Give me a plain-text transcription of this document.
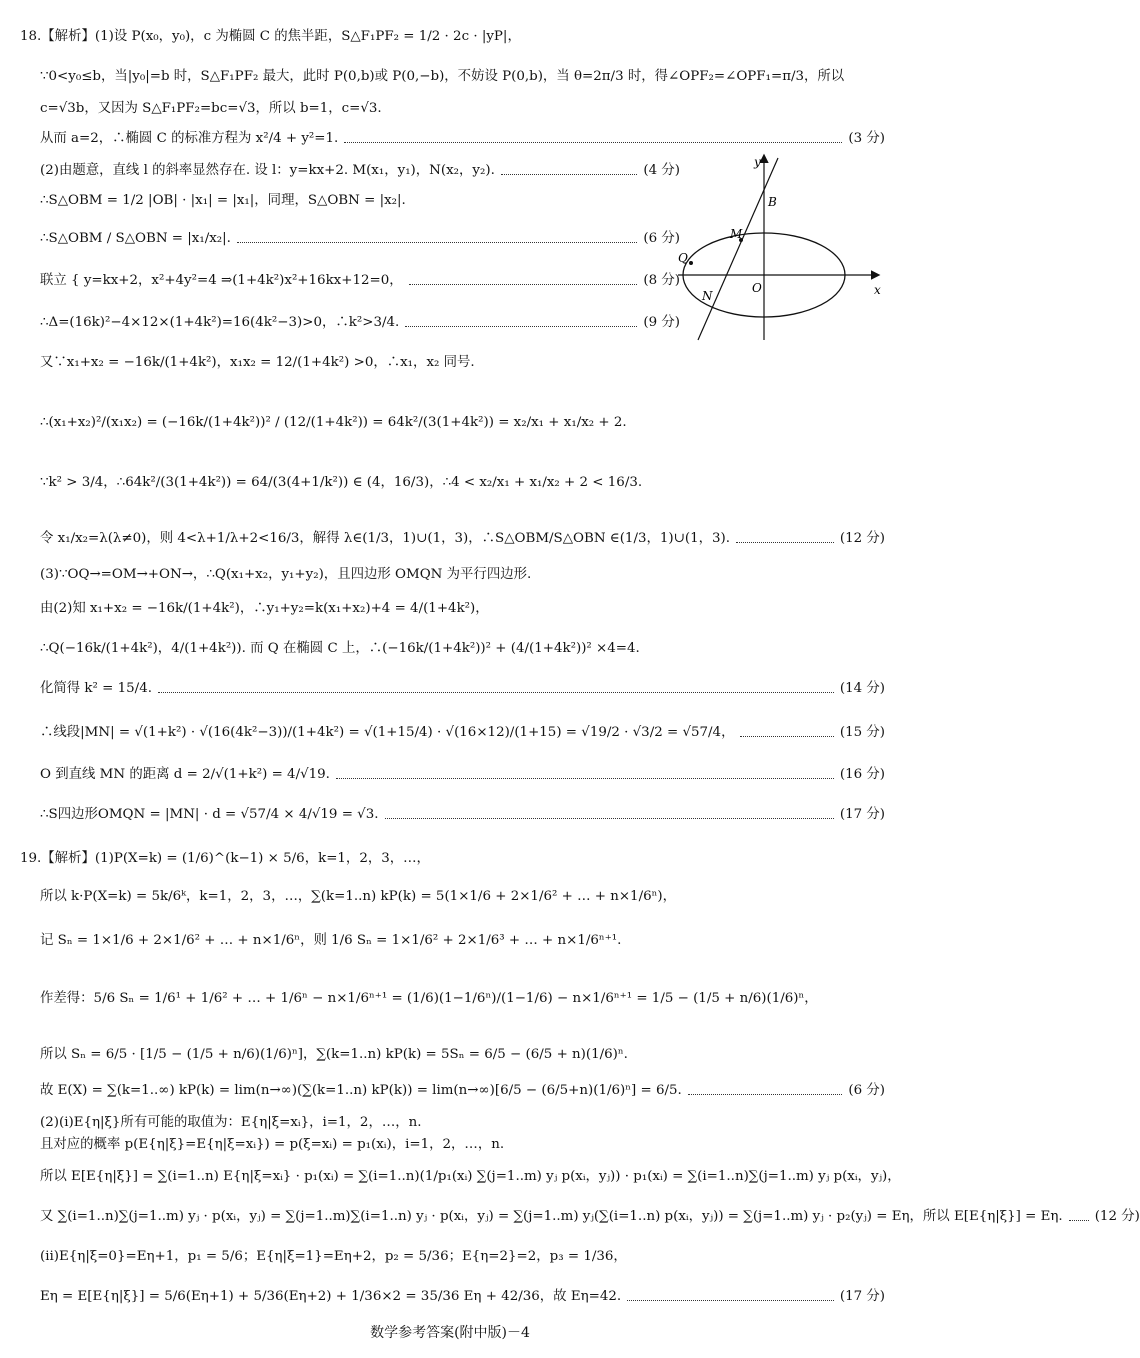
18.【解析】(1)设 P(x₀，y₀)，c 为椭圆 C 的焦半距，S△F₁PF₂ = 1/2 · 2c · |yP|，
∵0<y₀≤b，当|y₀|=b 时，S△F₁PF₂ 最大，此时 P(0,b)或 P(0,−b)，不妨设 P(0,b)，当 θ=2π/3 时，得∠OPF₂=∠OPF₁=π/3，所以
c=√3b，又因为 S△F₁PF₂=bc=√3，所以 b=1，c=√3.
从而 a=2，∴椭圆 C 的标准方程为 x²/4 + y²=1.	(3 分)
(2)由题意，直线 l 的斜率显然存在. 设 l：y=kx+2. M(x₁，y₁)，N(x₂，y₂).	(4 分)
∴S△OBM = 1/2 |OB| · |x₁| = |x₁|，同理，S△OBN = |x₂|.
∴S△OBM / S△OBN = |x₁/x₂|.	(6 分)
联立 { y=kx+2，x²+4y²=4 ⇒(1+4k²)x²+16kx+12=0，	(8 分)
∴Δ=(16k)²−4×12×(1+4k²)=16(4k²−3)>0，∴k²>3/4.	(9 分)
又∵x₁+x₂ = −16k/(1+4k²)，x₁x₂ = 12/(1+4k²) >0，∴x₁，x₂ 同号.
∴(x₁+x₂)²/(x₁x₂) = (−16k/(1+4k²))² / (12/(1+4k²)) = 64k²/(3(1+4k²)) = x₂/x₁ + x₁/x₂ + 2.
∵k² > 3/4，∴64k²/(3(1+4k²)) = 64/(3(4+1/k²)) ∈ (4，16/3)，∴4 < x₂/x₁ + x₁/x₂ + 2 < 16/3.
令 x₁/x₂=λ(λ≠0)，则 4<λ+1/λ+2<16/3，解得 λ∈(1/3，1)∪(1，3)，∴S△OBM/S△OBN ∈(1/3，1)∪(1，3).	(12 分)
(3)∵OQ→=OM→+ON→，∴Q(x₁+x₂，y₁+y₂)，且四边形 OMQN 为平行四边形.
由(2)知 x₁+x₂ = −16k/(1+4k²)，∴y₁+y₂=k(x₁+x₂)+4 = 4/(1+4k²)，
∴Q(−16k/(1+4k²)，4/(1+4k²)). 而 Q 在椭圆 C 上，∴(−16k/(1+4k²))² + (4/(1+4k²))² ×4=4.
化简得 k² = 15/4.	(14 分)
∴线段|MN| = √(1+k²) · √(16(4k²−3))/(1+4k²) = √(1+15/4) · √(16×12)/(1+15) = √19/2 · √3/2 = √57/4，	(15 分)
O 到直线 MN 的距离 d = 2/√(1+k²) = 4/√19.	(16 分)
∴S四边形OMQN = |MN| · d = √57/4 × 4/√19 = √3.	(17 分)
19.【解析】(1)P(X=k) = (1/6)^(k−1) × 5/6，k=1，2，3，…，
所以 k·P(X=k) = 5k/6ᵏ，k=1，2，3，…，∑(k=1..n) kP(k) = 5(1×1/6 + 2×1/6² + … + n×1/6ⁿ)，
记 Sₙ = 1×1/6 + 2×1/6² + … + n×1/6ⁿ，则 1/6 Sₙ = 1×1/6² + 2×1/6³ + … + n×1/6ⁿ⁺¹.
作差得：5/6 Sₙ = 1/6¹ + 1/6² + … + 1/6ⁿ − n×1/6ⁿ⁺¹ = (1/6)(1−1/6ⁿ)/(1−1/6) − n×1/6ⁿ⁺¹ = 1/5 − (1/5 + n/6)(1/6)ⁿ，
所以 Sₙ = 6/5 · [1/5 − (1/5 + n/6)(1/6)ⁿ]，∑(k=1..n) kP(k) = 5Sₙ = 6/5 − (6/5 + n)(1/6)ⁿ.
故 E(X) = ∑(k=1..∞) kP(k) = lim(n→∞)(∑(k=1..n) kP(k)) = lim(n→∞)[6/5 − (6/5+n)(1/6)ⁿ] = 6/5.	(6 分)
(2)(ⅰ)E{η|ξ}所有可能的取值为：E{η|ξ=xᵢ}，i=1，2，…，n.
且对应的概率 p(E{η|ξ}=E{η|ξ=xᵢ}) = p(ξ=xᵢ) = p₁(xᵢ)，i=1，2，…，n.
所以 E[E{η|ξ}] = ∑(i=1..n) E{η|ξ=xᵢ} · p₁(xᵢ) = ∑(i=1..n)(1/p₁(xᵢ) ∑(j=1..m) yⱼ p(xᵢ，yⱼ)) · p₁(xᵢ) = ∑(i=1..n)∑(j=1..m) yⱼ p(xᵢ，yⱼ)，
又 ∑(i=1..n)∑(j=1..m) yⱼ · p(xᵢ，yⱼ) = ∑(j=1..m)∑(i=1..n) yⱼ · p(xᵢ，yⱼ) = ∑(j=1..m) yⱼ(∑(i=1..n) p(xᵢ，yⱼ)) = ∑(j=1..m) yⱼ · p₂(yⱼ) = Eη，所以 E[E{η|ξ}] = Eη. (12 分)
(ⅱ)E{η|ξ=0}=Eη+1，p₁ = 5/6；E{η|ξ=1}=Eη+2，p₂ = 5/36；E{η=2}=2，p₃ = 1/36，
Eη = E[E{η|ξ}] = 5/6(Eη+1) + 5/36(Eη+2) + 1/36×2 = 35/36 Eη + 42/36，故 Eη=42.	(17 分)
y
x
B
M
Q
N
O
数学参考答案(附中版)－4
